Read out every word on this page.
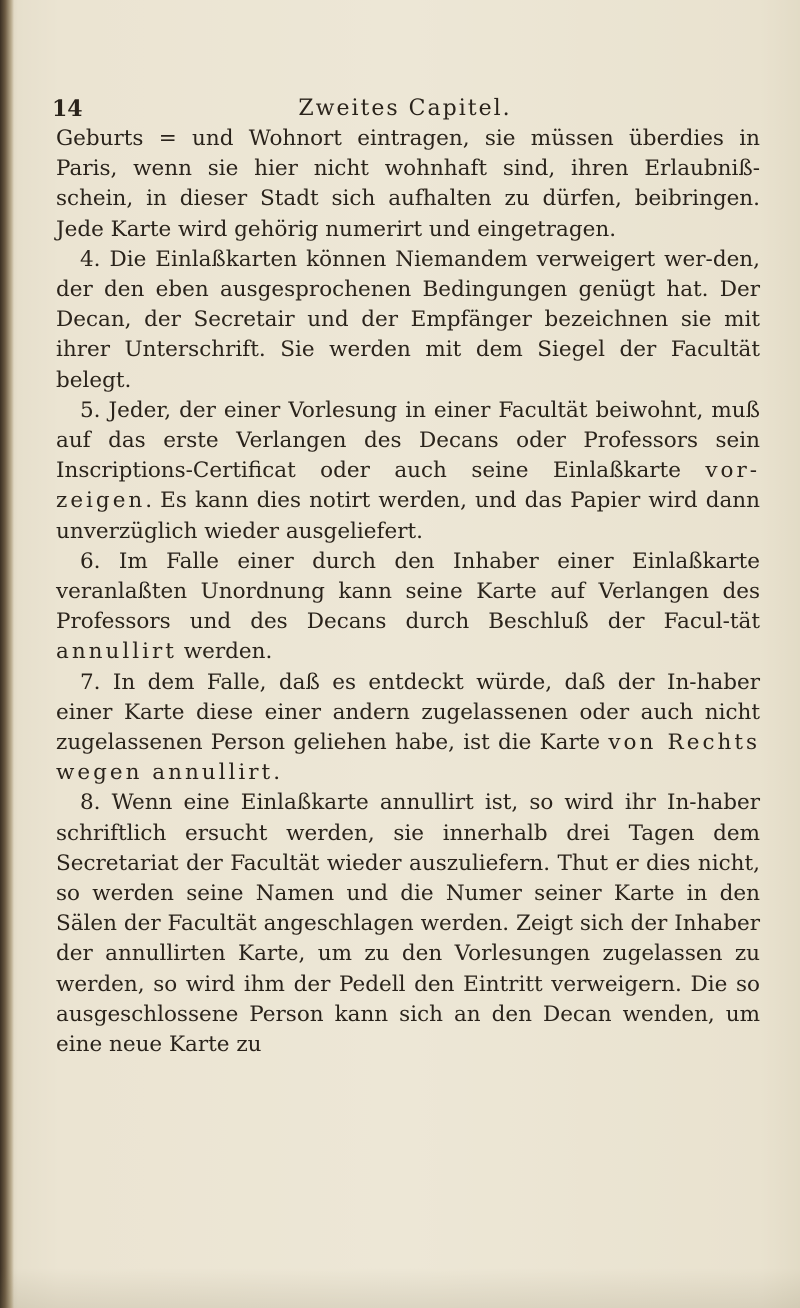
14	Zweites Capitel.

Geburts = und Wohnort eintragen, sie müssen überdies in Paris, wenn sie hier nicht wohnhaft sind, ihren Erlaubniß-schein, in dieser Stadt sich aufhalten zu dürfen, beibringen. Jede Karte wird gehörig numerirt und eingetragen.

4. Die Einlaßkarten können Niemandem verweigert wer-den, der den eben ausgesprochenen Bedingungen genügt hat. Der Decan, der Secretair und der Empfänger bezeichnen sie mit ihrer Unterschrift. Sie werden mit dem Siegel der Facultät belegt.

5. Jeder, der einer Vorlesung in einer Facultät beiwohnt, muß auf das erste Verlangen des Decans oder Professors sein Inscriptions-Certificat oder auch seine Einlaßkarte vor-zeigen. Es kann dies notirt werden, und das Papier wird dann unverzüglich wieder ausgeliefert.

6. Im Falle einer durch den Inhaber einer Einlaßkarte veranlaßten Unordnung kann seine Karte auf Verlangen des Professors und des Decans durch Beschluß der Facul-tät annullirt werden.

7. In dem Falle, daß es entdeckt würde, daß der In-haber einer Karte diese einer andern zugelassenen oder auch nicht zugelassenen Person geliehen habe, ist die Karte von Rechts wegen annullirt.

8. Wenn eine Einlaßkarte annullirt ist, so wird ihr In-haber schriftlich ersucht werden, sie innerhalb drei Tagen dem Secretariat der Facultät wieder auszuliefern. Thut er dies nicht, so werden seine Namen und die Numer seiner Karte in den Sälen der Facultät angeschlagen werden. Zeigt sich der Inhaber der annullirten Karte, um zu den Vorlesungen zugelassen zu werden, so wird ihm der Pedell den Eintritt verweigern. Die so ausgeschlossene Person kann sich an den Decan wenden, um eine neue Karte zu
